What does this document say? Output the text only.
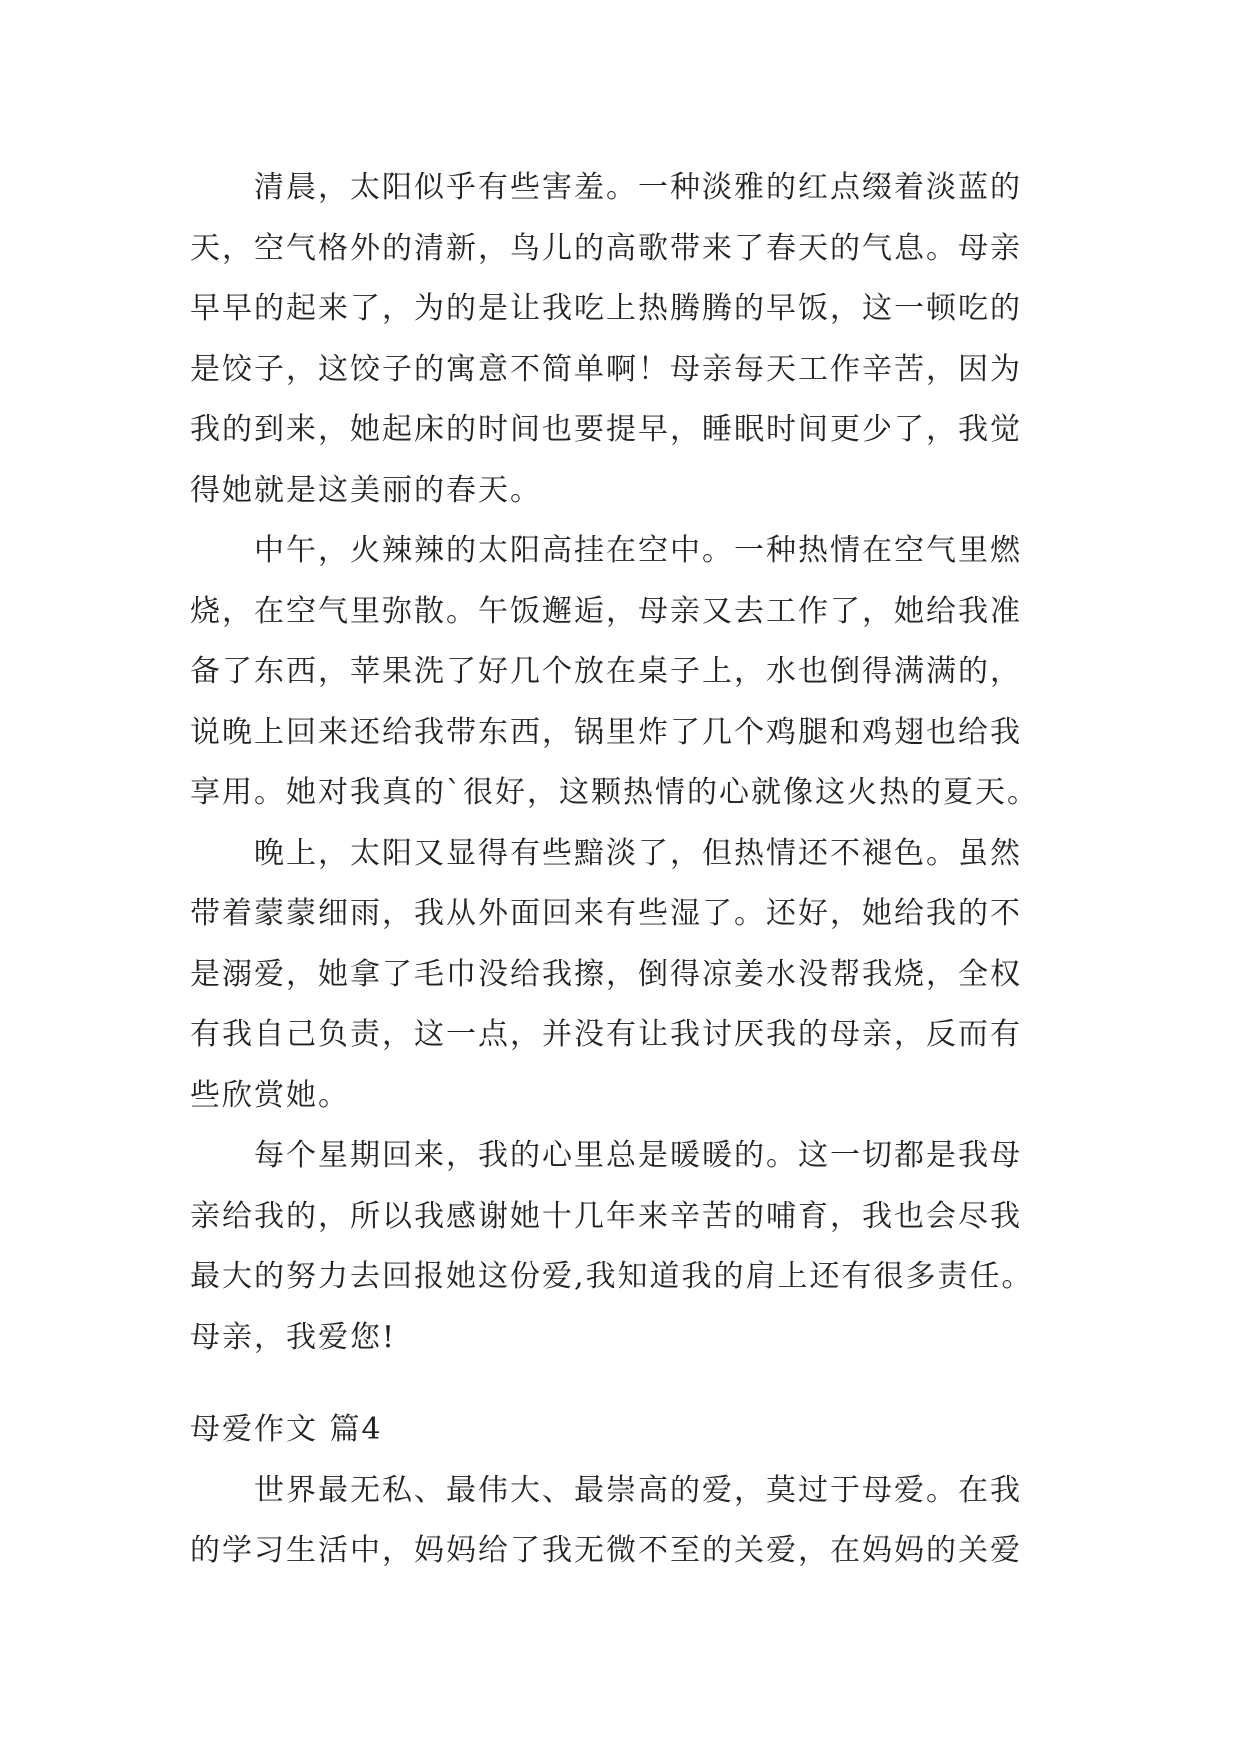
清晨，太阳似乎有些害羞。一种淡雅的红点缀着淡蓝的
天，空气格外的清新，鸟儿的高歌带来了春天的气息。母亲
早早的起来了，为的是让我吃上热腾腾的早饭，这一顿吃的
是饺子，这饺子的寓意不简单啊！母亲每天工作辛苦，因为
我的到来，她起床的时间也要提早，睡眠时间更少了，我觉
得她就是这美丽的春天。
中午，火辣辣的太阳高挂在空中。一种热情在空气里燃
烧，在空气里弥散。午饭邂逅，母亲又去工作了，她给我准
备了东西，苹果洗了好几个放在桌子上，水也倒得满满的，
说晚上回来还给我带东西，锅里炸了几个鸡腿和鸡翅也给我
享用。她对我真的`很好，这颗热情的心就像这火热的夏天。
晚上，太阳又显得有些黯淡了，但热情还不褪色。虽然
带着蒙蒙细雨，我从外面回来有些湿了。还好，她给我的不
是溺爱，她拿了毛巾没给我擦，倒得凉姜水没帮我烧，全权
有我自己负责，这一点，并没有让我讨厌我的母亲，反而有
些欣赏她。
每个星期回来，我的心里总是暖暖的。这一切都是我母
亲给我的，所以我感谢她十几年来辛苦的哺育，我也会尽我
最大的努力去回报她这份爱,我知道我的肩上还有很多责任。
母亲，我爱您!
母爱作文 篇4
世界最无私、最伟大、最崇高的爱，莫过于母爱。在我
的学习生活中，妈妈给了我无微不至的关爱，在妈妈的关爱
